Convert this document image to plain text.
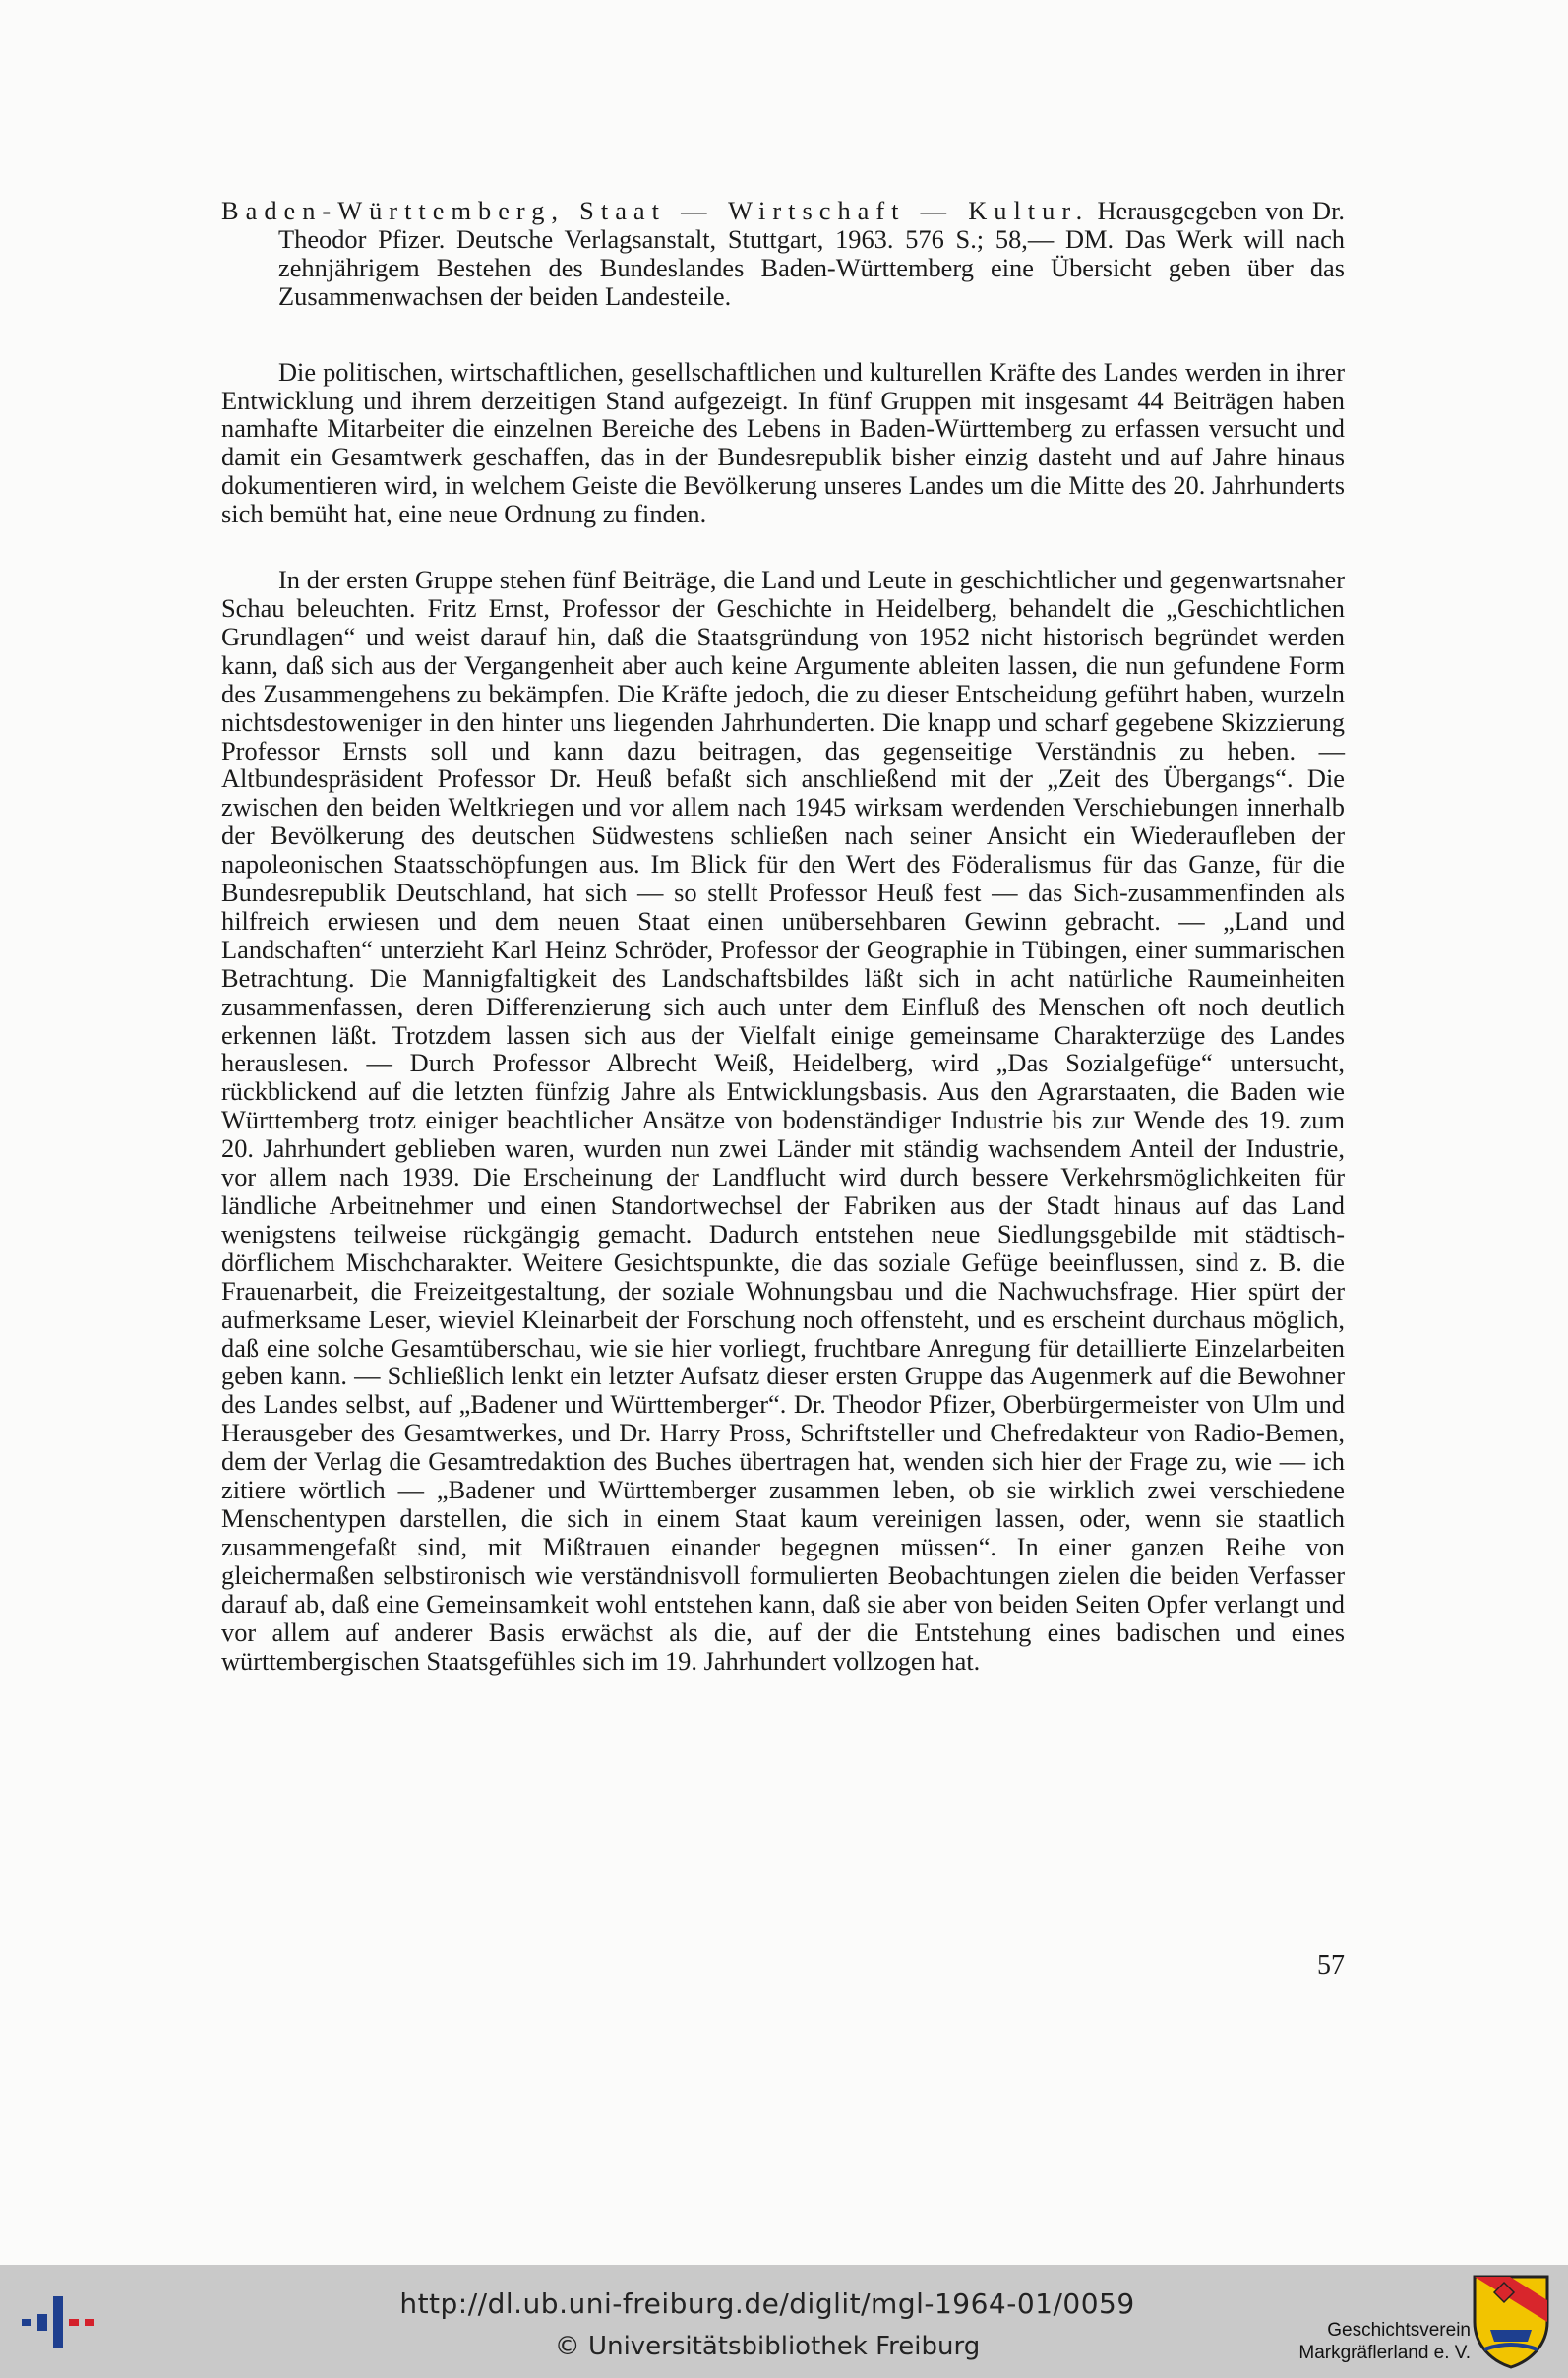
Baden-Württemberg, Staat — Wirtschaft — Kultur. Herausgegeben von Dr. Theodor Pfizer. Deutsche Verlagsanstalt, Stuttgart, 1963. 576 S.; 58,— DM. Das Werk will nach zehnjährigem Bestehen des Bundeslandes Baden-Württemberg eine Übersicht geben über das Zusammenwachsen der beiden Landesteile.

Die politischen, wirtschaftlichen, gesellschaftlichen und kulturellen Kräfte des Landes werden in ihrer Entwicklung und ihrem derzeitigen Stand aufgezeigt. In fünf Gruppen mit insgesamt 44 Beiträgen haben namhafte Mitarbeiter die einzelnen Bereiche des Lebens in Baden-Württemberg zu erfassen versucht und damit ein Gesamtwerk geschaffen, das in der Bundesrepublik bisher einzig dasteht und auf Jahre hinaus dokumentieren wird, in welchem Geiste die Bevölkerung unseres Landes um die Mitte des 20. Jahrhunderts sich bemüht hat, eine neue Ordnung zu finden.

In der ersten Gruppe stehen fünf Beiträge, die Land und Leute in geschichtlicher und gegenwartsnaher Schau beleuchten. Fritz Ernst, Professor der Geschichte in Heidelberg, behandelt die „Geschichtlichen Grundlagen“ und weist darauf hin, daß die Staatsgründung von 1952 nicht historisch begründet werden kann, daß sich aus der Vergangenheit aber auch keine Argumente ableiten lassen, die nun gefundene Form des Zusammengehens zu bekämpfen. Die Kräfte jedoch, die zu dieser Entscheidung geführt haben, wurzeln nichtsdestoweniger in den hinter uns liegenden Jahrhunderten. Die knapp und scharf gegebene Skizzierung Professor Ernsts soll und kann dazu beitragen, das gegenseitige Verständnis zu heben. — Altbundespräsident Professor Dr. Heuß befaßt sich anschließend mit der „Zeit des Übergangs“. Die zwischen den beiden Weltkriegen und vor allem nach 1945 wirksam werdenden Verschiebungen innerhalb der Bevölkerung des deutschen Südwestens schließen nach seiner Ansicht ein Wiederaufleben der napoleonischen Staatsschöpfungen aus. Im Blick für den Wert des Föderalismus für das Ganze, für die Bundesrepublik Deutschland, hat sich — so stellt Professor Heuß fest — das Sich-zusammenfinden als hilfreich erwiesen und dem neuen Staat einen unübersehbaren Gewinn gebracht. — „Land und Landschaften“ unterzieht Karl Heinz Schröder, Professor der Geographie in Tübingen, einer summarischen Betrachtung. Die Mannigfaltigkeit des Landschaftsbildes läßt sich in acht natürliche Raumeinheiten zusammenfassen, deren Differenzierung sich auch unter dem Einfluß des Menschen oft noch deutlich erkennen läßt. Trotzdem lassen sich aus der Vielfalt einige gemeinsame Charakterzüge des Landes herauslesen. — Durch Professor Albrecht Weiß, Heidelberg, wird „Das Sozialgefüge“ untersucht, rückblickend auf die letzten fünfzig Jahre als Entwicklungsbasis. Aus den Agrarstaaten, die Baden wie Württemberg trotz einiger beachtlicher Ansätze von bodenständiger Industrie bis zur Wende des 19. zum 20. Jahrhundert geblieben waren, wurden nun zwei Länder mit ständig wachsendem Anteil der Industrie, vor allem nach 1939. Die Erscheinung der Landflucht wird durch bessere Verkehrsmöglichkeiten für ländliche Arbeitnehmer und einen Standortwechsel der Fabriken aus der Stadt hinaus auf das Land wenigstens teilweise rückgängig gemacht. Dadurch entstehen neue Siedlungsgebilde mit städtisch-dörflichem Mischcharakter. Weitere Gesichtspunkte, die das soziale Gefüge beeinflussen, sind z. B. die Frauenarbeit, die Freizeitgestaltung, der soziale Wohnungsbau und die Nachwuchsfrage. Hier spürt der aufmerksame Leser, wieviel Kleinarbeit der Forschung noch offensteht, und es erscheint durchaus möglich, daß eine solche Gesamtüberschau, wie sie hier vorliegt, fruchtbare Anregung für detaillierte Einzelarbeiten geben kann. — Schließlich lenkt ein letzter Aufsatz dieser ersten Gruppe das Augenmerk auf die Bewohner des Landes selbst, auf „Badener und Württemberger“. Dr. Theodor Pfizer, Oberbürgermeister von Ulm und Herausgeber des Gesamtwerkes, und Dr. Harry Pross, Schriftsteller und Chefredakteur von Radio-Bemen, dem der Verlag die Gesamtredaktion des Buches übertragen hat, wenden sich hier der Frage zu, wie — ich zitiere wörtlich — „Badener und Württemberger zusammen leben, ob sie wirklich zwei verschiedene Menschentypen darstellen, die sich in einem Staat kaum vereinigen lassen, oder, wenn sie staatlich zusammengefaßt sind, mit Mißtrauen einander begegnen müssen“. In einer ganzen Reihe von gleichermaßen selbstironisch wie verständnisvoll formulierten Beobachtungen zielen die beiden Verfasser darauf ab, daß eine Gemeinsamkeit wohl entstehen kann, daß sie aber von beiden Seiten Opfer verlangt und vor allem auf anderer Basis erwächst als die, auf der die Entstehung eines badischen und eines württembergischen Staatsgefühles sich im 19. Jahrhundert vollzogen hat.

57
http://dl.ub.uni-freiburg.de/diglit/mgl-1964-01/0059
© Universitätsbibliothek Freiburg
Geschichtsverein
Markgräflerland e. V.
